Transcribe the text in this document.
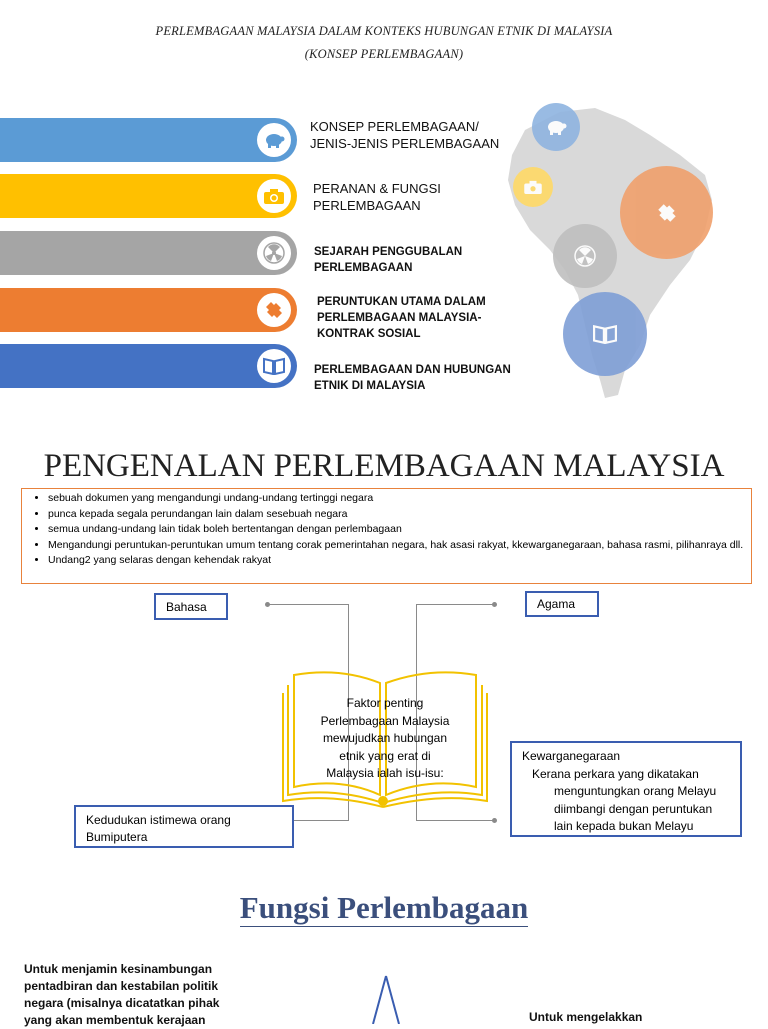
PERLEMBAGAAN MALAYSIA DALAM KONTEKS HUBUNGAN ETNIK DI MALAYSIA
(KONSEP PERLEMBAGAAN)
KONSEP PERLEMBAGAAN/
JENIS-JENIS PERLEMBAGAAN
PERANAN & FUNGSI
PERLEMBAGAAN
SEJARAH PENGGUBALAN
PERLEMBAGAAN
PERUNTUKAN UTAMA DALAM
PERLEMBAGAAN MALAYSIA-
KONTRAK SOSIAL
PERLEMBAGAAN DAN HUBUNGAN
ETNIK DI MALAYSIA
PENGENALAN PERLEMBAGAAN MALAYSIA
• sebuah dokumen yang mengandungi undang-undang tertinggi negara
• punca kepada segala perundangan lain dalam sesebuah negara
• semua undang-undang lain tidak boleh bertentangan dengan perlembagaan
• Mengandungi peruntukan-peruntukan umum tentang corak pemerintahan negara, hak asasi rakyat, kkewarganegaraan, bahasa rasmi, pilihanraya dll.
• Undang2 yang selaras dengan kehendak rakyat
Bahasa	Agama
Faktor penting
Perlembagaan Malaysia
mewujudkan hubungan
etnik yang erat di
Malaysia ialah isu-isu:
Kedudukan istimewa orang
Bumiputera
Kewarganegaraan
Kerana perkara yang dikatakan
menguntungkan orang Melayu
diimbangi dengan peruntukan
lain kepada bukan Melayu
Fungsi Perlembagaan
Untuk menjamin kesinambungan
pentadbiran dan kestabilan politik
negara (misalnya dicatatkan pihak
yang akan membentuk kerajaan	Untuk mengelakkan
